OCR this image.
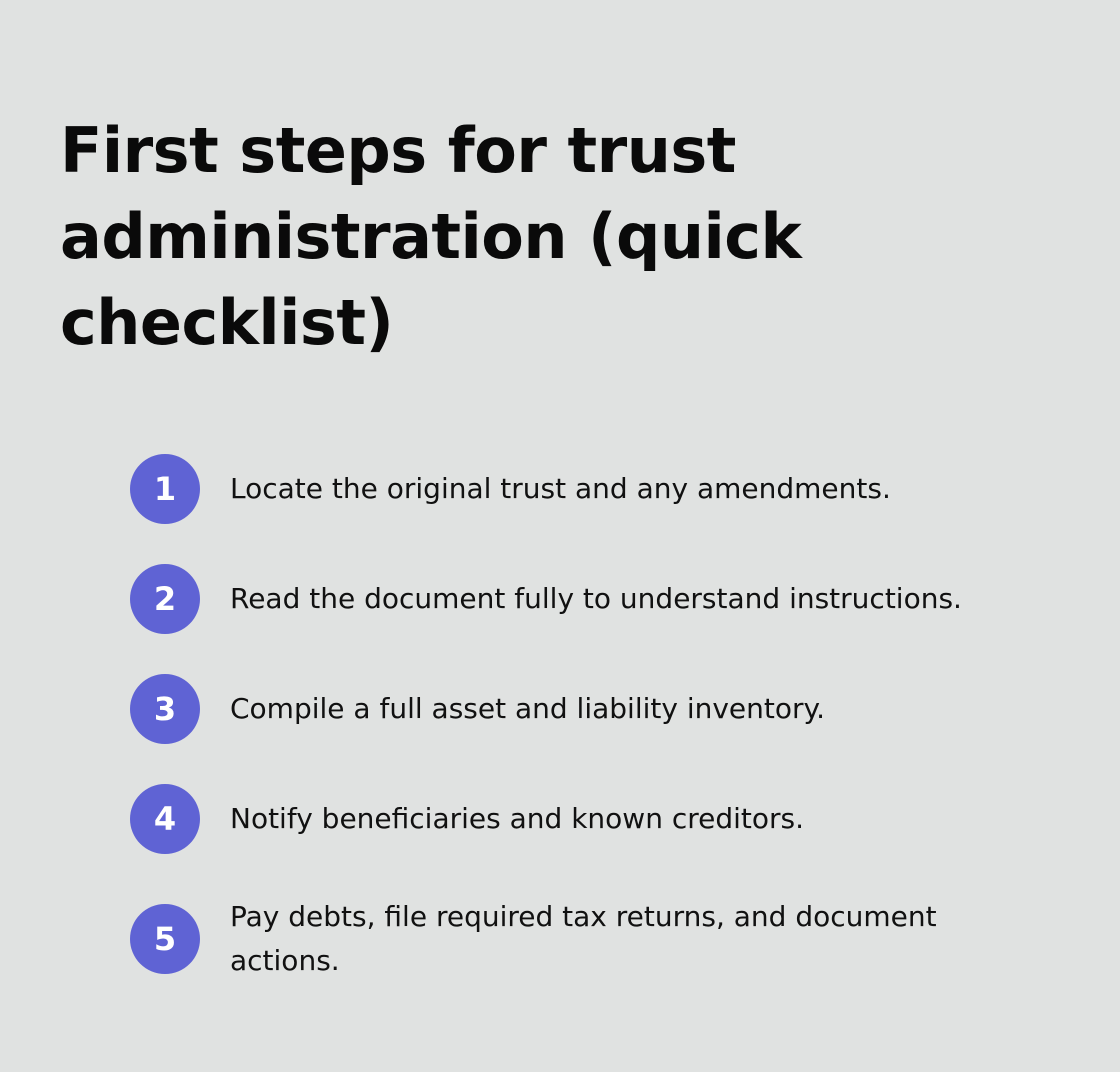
First steps for trust administration (quick checklist)
1	Locate the original trust and any amendments.
2	Read the document fully to understand instructions.
3	Compile a full asset and liability inventory.
4	Notify beneficiaries and known creditors.
5
Pay debts, file required tax returns, and document actions.
